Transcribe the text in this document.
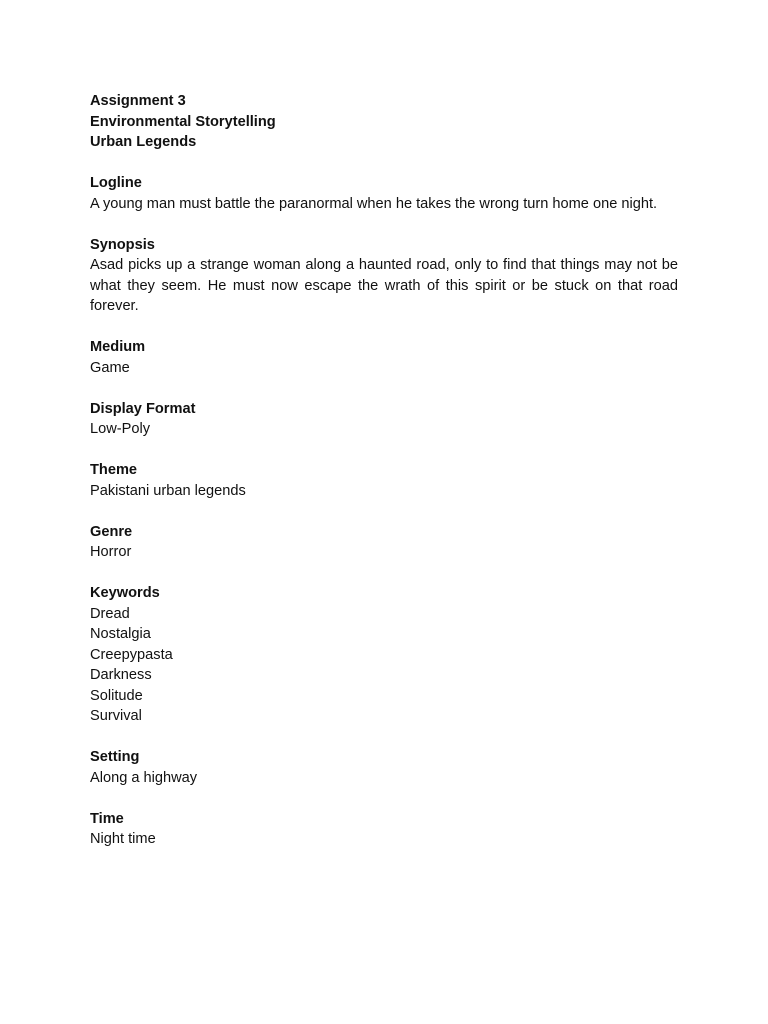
Assignment 3
Environmental Storytelling
Urban Legends
Logline
A young man must battle the paranormal when he takes the wrong turn home one night.
Synopsis
Asad picks up a strange woman along a haunted road, only to find that things may not be what they seem. He must now escape the wrath of this spirit or be stuck on that road forever.
Medium
Game
Display Format
Low-Poly
Theme
Pakistani urban legends
Genre
Horror
Keywords
Dread
Nostalgia
Creepypasta
Darkness
Solitude
Survival
Setting
Along a highway
Time
Night time
